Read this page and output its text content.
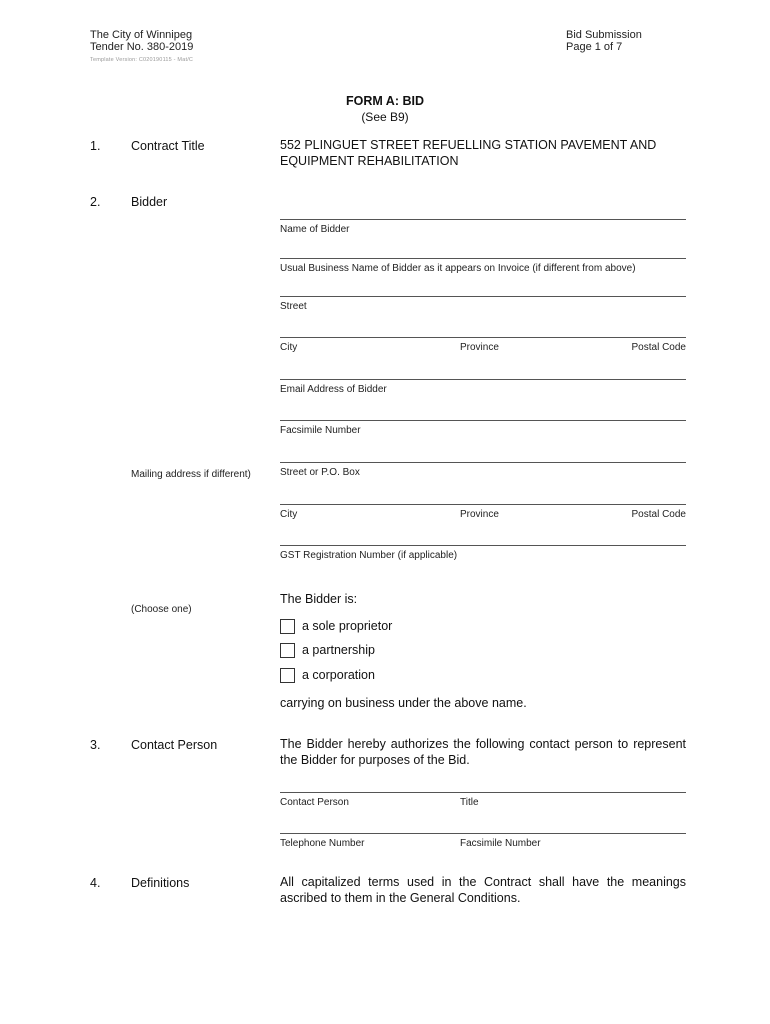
The City of Winnipeg
Tender No. 380-2019
Template Version: C020190115 - Mat/C
Bid Submission
Page 1 of 7
FORM A: BID
(See B9)
1. Contract Title	552 PLINGUET STREET REFUELLING STATION PAVEMENT AND
EQUIPMENT REHABILITATION
2. Bidder
Name of Bidder
Usual Business Name of Bidder as it appears on Invoice (if different from above)
Street
City	Province	Postal Code
Email Address of Bidder
Facsimile Number
Mailing address if different)	Street or P.O. Box
City	Province	Postal Code
GST Registration Number (if applicable)
(Choose one)
The Bidder is:
a sole proprietor
a partnership
a corporation
carrying on business under the above name.
3. Contact Person	The Bidder hereby authorizes the following contact person to represent the Bidder for purposes of the Bid.
Contact Person	Title
Telephone Number	Facsimile Number
4. Definitions	All capitalized terms used in the Contract shall have the meanings ascribed to them in the General Conditions.
